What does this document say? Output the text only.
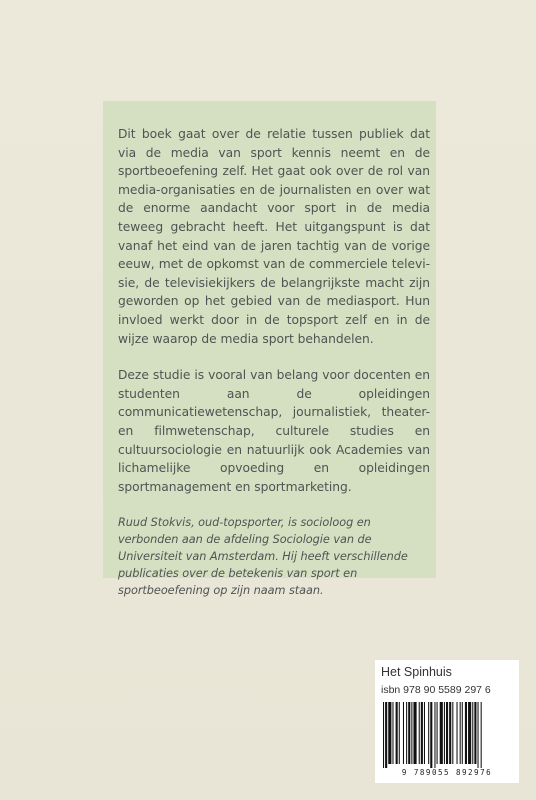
Dit boek gaat over de relatie tussen publiek dat via de media van sport kennis neemt en de sportbeoefening zelf. Het gaat ook over de rol van media-organisaties en de journalisten en over wat de enorme aandacht voor sport in de media teweeg gebracht heeft. Het uitgangspunt is dat vanaf het eind van de jaren tachtig van de vorige eeuw, met de opkomst van de commerciele televisie, de televisiekijkers de belangrijkste macht zijn geworden op het gebied van de mediasport. Hun invloed werkt door in de topsport zelf en in de wijze waarop de media sport behandelen.

Deze studie is vooral van belang voor docenten en studenten aan de opleidingen communicatiewetenschap, journalistiek, theater- en filmwetenschap, culturele studies en cultuursociologie en natuurlijk ook Academies van lichamelijke opvoeding en opleidingen sportmanagement en sportmarketing.

Ruud Stokvis, oud-topsporter, is socioloog en verbonden aan de afdeling Sociologie van de Universiteit van Amsterdam. Hij heeft verschillende publicaties over de betekenis van sport en sportbeoefening op zijn naam staan.

Het Spinhuis
isbn 978 90 5589 297 6
9 789055 892976
